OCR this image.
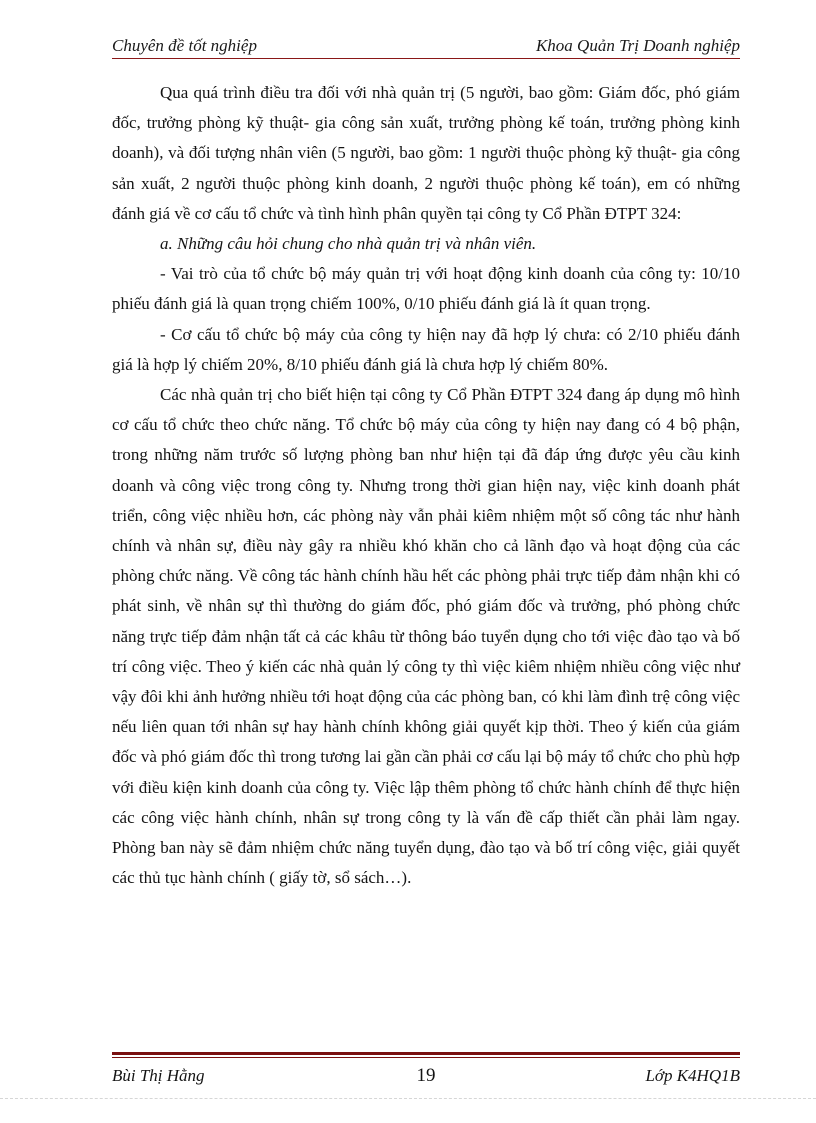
Chuyên đề tốt nghiệp	Khoa Quản Trị Doanh nghiệp

Qua quá trình điều tra đối với nhà quản trị (5 người, bao gồm: Giám đốc, phó giám đốc, trưởng phòng kỹ thuật- gia công sản xuất, trưởng phòng kế toán, trưởng phòng kinh doanh), và đối tượng nhân viên (5 người, bao gồm: 1 người thuộc phòng kỹ thuật- gia công sản xuất, 2 người thuộc phòng kinh doanh, 2 người thuộc phòng kế toán), em có những đánh giá về cơ cấu tổ chức và tình hình phân quyền tại công ty Cổ Phần ĐTPT 324:

a. Những câu hỏi chung cho nhà quản trị và nhân viên.

- Vai trò của tổ chức bộ máy quản trị với hoạt động kinh doanh của công ty: 10/10 phiếu đánh giá là quan trọng chiếm 100%, 0/10 phiếu đánh giá là ít quan trọng.

- Cơ cấu tổ chức bộ máy của công ty hiện nay đã hợp lý chưa: có 2/10 phiếu đánh giá là hợp lý chiếm 20%, 8/10 phiếu đánh giá là chưa hợp lý chiếm 80%.

Các nhà quản trị cho biết hiện tại công ty Cổ Phần ĐTPT 324 đang áp dụng mô hình cơ cấu tổ chức theo chức năng. Tổ chức bộ máy của công ty hiện nay đang có 4 bộ phận, trong những năm trước số lượng phòng ban như hiện tại đã đáp ứng được yêu cầu kinh doanh và công việc trong công ty. Nhưng trong thời gian hiện nay, việc kinh doanh phát triển, công việc nhiều hơn, các phòng này vẫn phải kiêm nhiệm một số công tác như hành chính và nhân sự, điều này gây ra nhiều khó khăn cho cả lãnh đạo và hoạt động của các phòng chức năng. Về công tác hành chính hầu hết các phòng phải trực tiếp đảm nhận khi có phát sinh, về nhân sự thì thường do giám đốc, phó giám đốc và trưởng, phó phòng chức năng trực tiếp đảm nhận tất cả các khâu từ thông báo tuyển dụng cho tới việc đào tạo và bố trí công việc. Theo ý kiến các nhà quản lý công ty thì việc kiêm nhiệm nhiều công việc như vậy đôi khi ảnh hưởng nhiều tới hoạt động của các phòng ban, có khi làm đình trệ công việc nếu liên quan tới nhân sự hay hành chính không giải quyết kịp thời. Theo ý kiến của giám đốc và phó giám đốc thì trong tương lai gần cần phải cơ cấu lại bộ máy tổ chức cho phù hợp với điều kiện kinh doanh của công ty. Việc lập thêm phòng tổ chức hành chính để thực hiện các công việc hành chính, nhân sự trong công ty là vấn đề cấp thiết cần phải làm ngay. Phòng ban này sẽ đảm nhiệm chức năng tuyển dụng, đào tạo và bố trí công việc, giải quyết các thủ tục hành chính ( giấy tờ, sổ sách…).

Bùi Thị Hằng	19	Lớp K4HQ1B
